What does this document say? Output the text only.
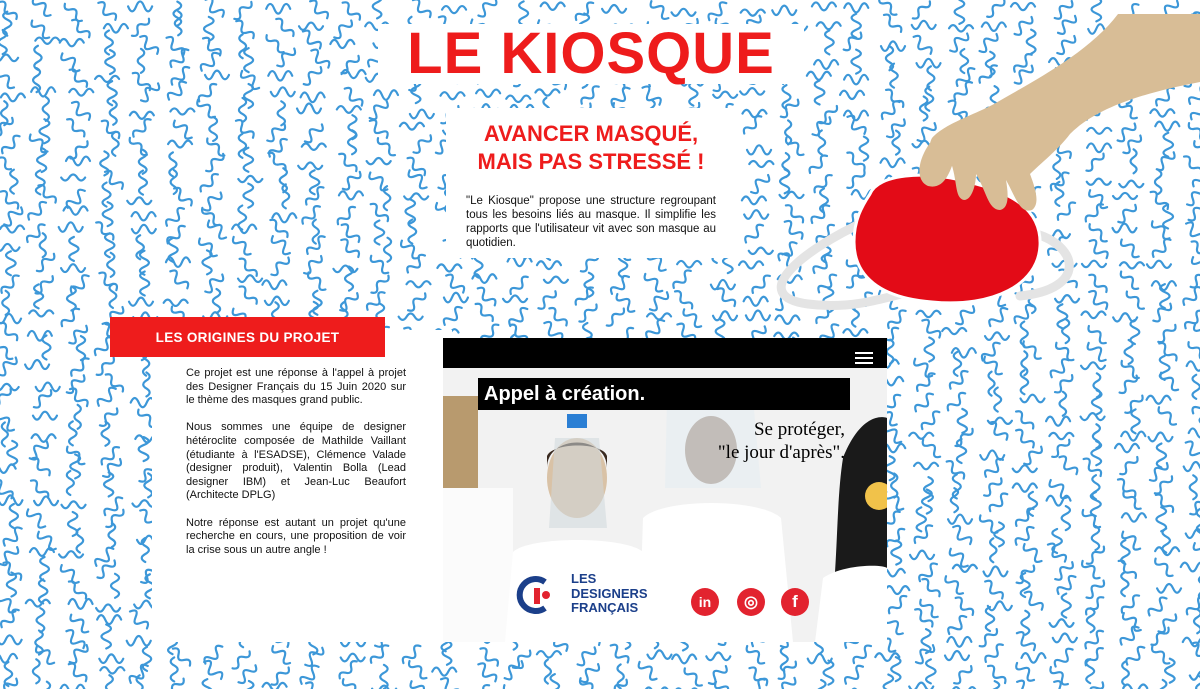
LE KIOSQUE
AVANCER MASQUÉ,
MAIS PAS STRESSÉ !

"Le Kiosque" propose une structure regroupant tous les besoins liés au masque. Il simplifie les rapports que l'utilisateur vit avec son masque au quotidien.

LES ORIGINES DU PROJET

Ce projet est une réponse à l'appel à projet des Designer Français du 15 Juin 2020 sur le thème des masques grand public.

Nous sommes une équipe de designer hétéroclite composée de Mathilde Vaillant (étudiante à l'ESADSE), Clémence Valade (designer produit), Valentin Bolla (Lead designer IBM) et Jean-Luc Beaufort (Architecte DPLG)

Notre réponse est autant un projet qu'une recherche en cours, une proposition de voir la crise sous un autre angle !

Appel à création.
Se protéger,
"le jour d'après".
LES
DESIGNERS
FRANÇAIS	in	◎	f
